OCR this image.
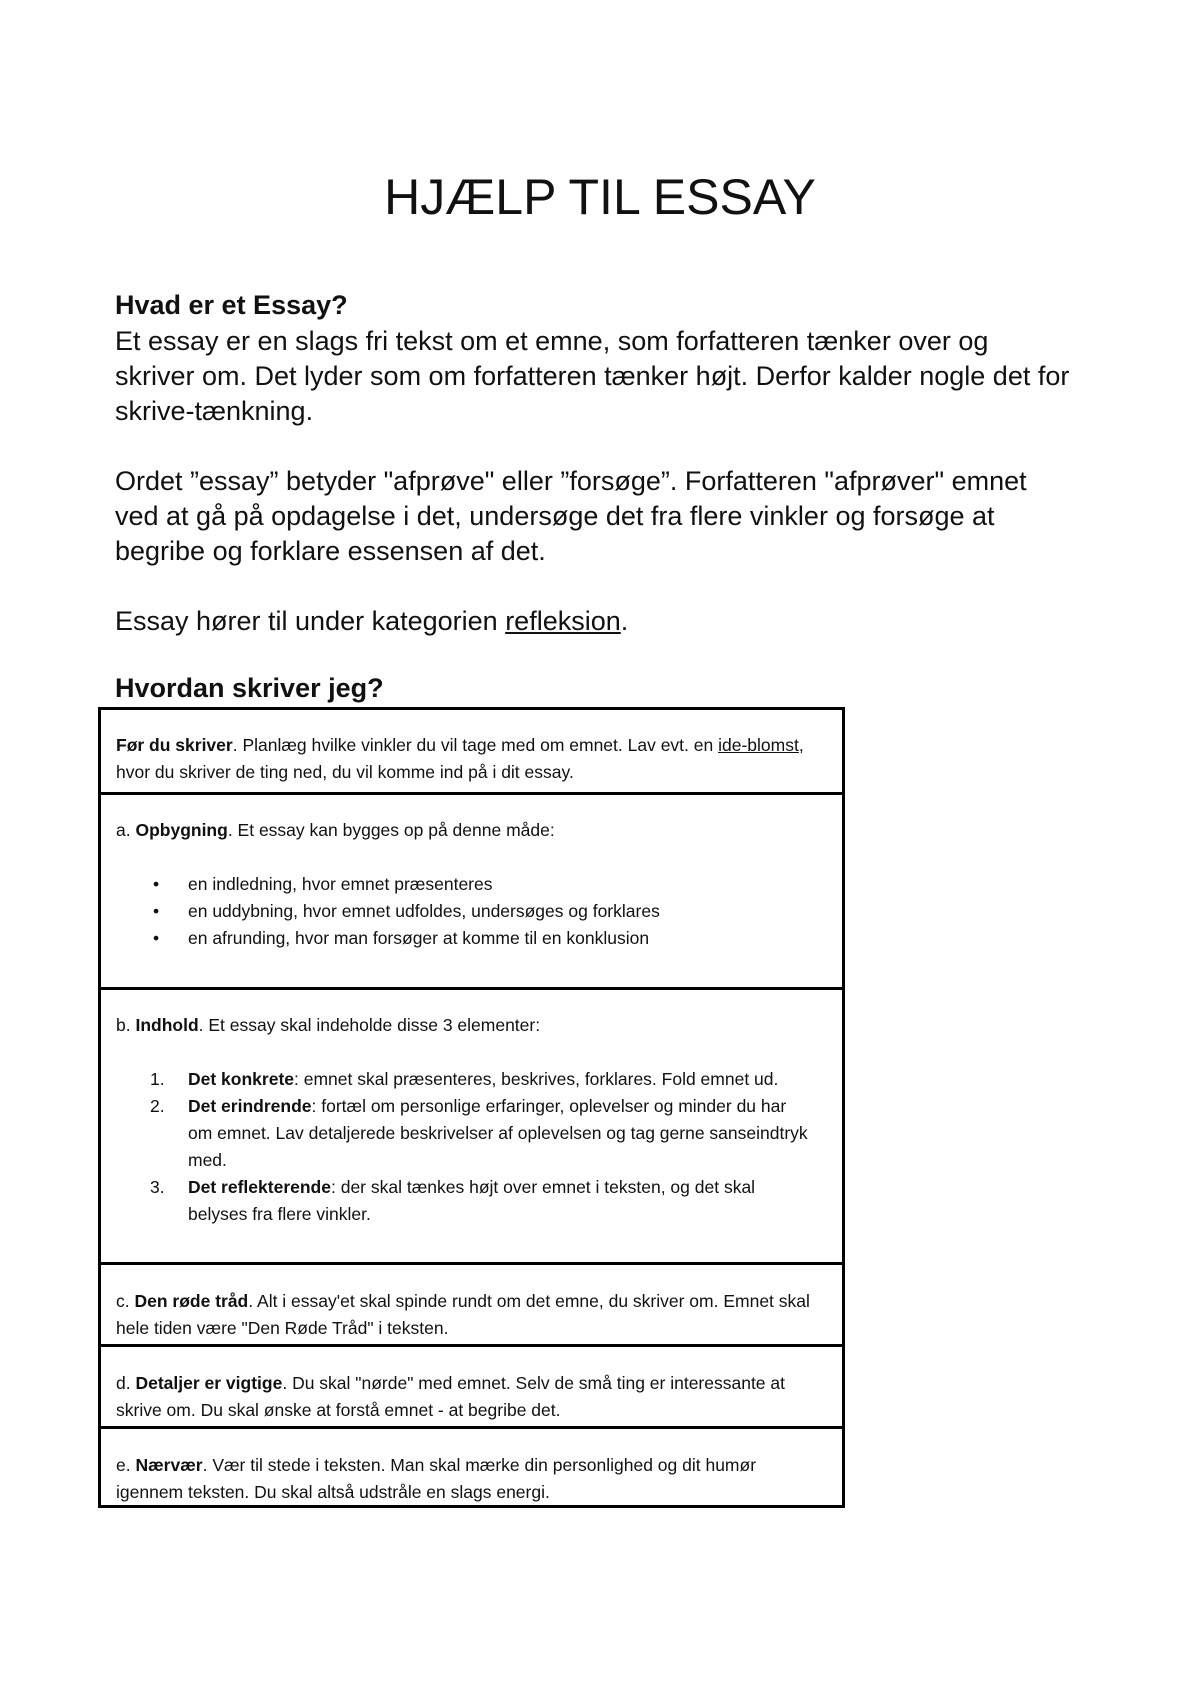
HJÆLP TIL ESSAY
Hvad er et Essay?
Et essay er en slags fri tekst om et emne, som forfatteren tænker over og skriver om. Det lyder som om forfatteren tænker højt. Derfor kalder nogle det for skrive-tænkning.
Ordet ”essay” betyder "afprøve" eller ”forsøge”. Forfatteren "afprøver" emnet ved at gå på opdagelse i det, undersøge det fra flere vinkler og forsøge at begribe og forklare essensen af det.
Essay hører til under kategorien refleksion.
Hvordan skriver jeg?
Før du skriver. Planlæg hvilke vinkler du vil tage med om emnet. Lav evt. en ide-blomst, hvor du skriver de ting ned, du vil komme ind på i dit essay.
a. Opbygning. Et essay kan bygges op på denne måde:
• en indledning, hvor emnet præsenteres
• en uddybning, hvor emnet udfoldes, undersøges og forklares
• en afrunding, hvor man forsøger at komme til en konklusion
b. Indhold. Et essay skal indeholde disse 3 elementer:
1. Det konkrete: emnet skal præsenteres, beskrives, forklares. Fold emnet ud.
2. Det erindrende: fortæl om personlige erfaringer, oplevelser og minder du har om emnet. Lav detaljerede beskrivelser af oplevelsen og tag gerne sanseindtryk med.
3. Det reflekterende: der skal tænkes højt over emnet i teksten, og det skal belyses fra flere vinkler.
c. Den røde tråd. Alt i essay'et skal spinde rundt om det emne, du skriver om. Emnet skal hele tiden være "Den Røde Tråd" i teksten.
d. Detaljer er vigtige. Du skal "nørde" med emnet. Selv de små ting er interessante at skrive om. Du skal ønske at forstå emnet - at begribe det.
e. Nærvær. Vær til stede i teksten. Man skal mærke din personlighed og dit humør igennem teksten. Du skal altså udstråle en slags energi.
